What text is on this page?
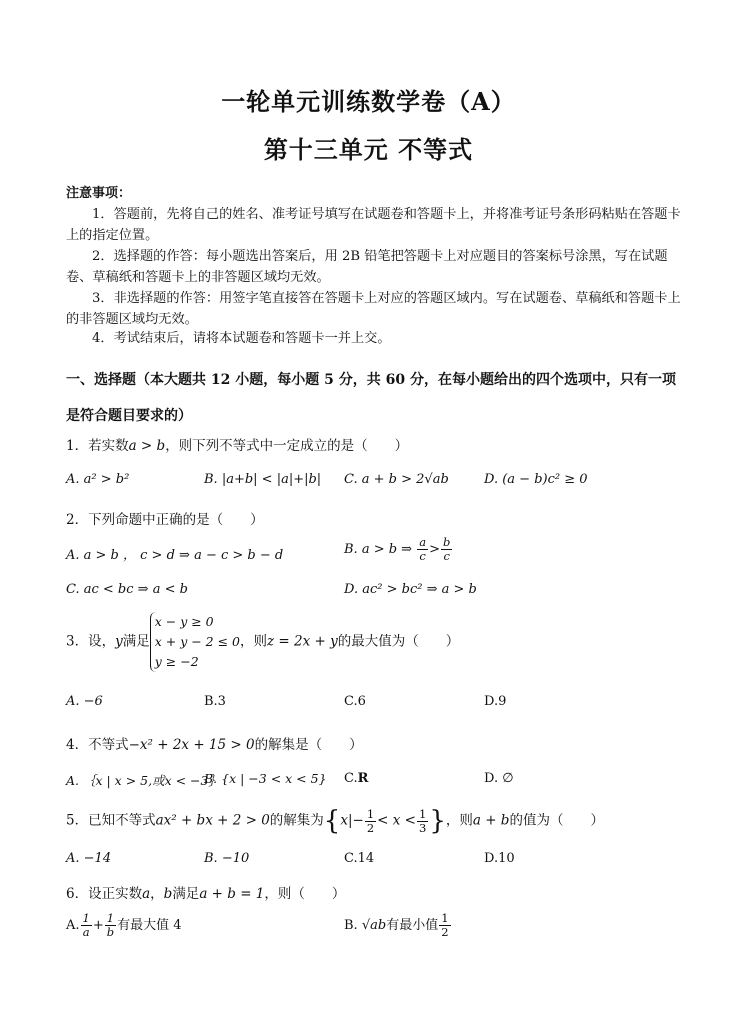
一轮单元训练数学卷（A）
第十三单元 不等式
注意事项：
1．答题前，先将自己的姓名、准考证号填写在试题卷和答题卡上，并将准考证号条形码粘贴在答题卡上的指定位置。
2．选择题的作答：每小题选出答案后，用 2B 铅笔把答题卡上对应题目的答案标号涂黑，写在试题卷、草稿纸和答题卡上的非答题区域均无效。
3．非选择题的作答：用签字笔直接答在答题卡上对应的答题区域内。写在试题卷、草稿纸和答题卡上的非答题区域均无效。
4．考试结束后，请将本试题卷和答题卡一并上交。
一、选择题（本大题共 12 小题，每小题 5 分，共 60 分，在每小题给出的四个选项中，只有一项是符合题目要求的）
1．若实数a > b，则下列不等式中一定成立的是（　　）
A. a² > b²	B. |a+b| < |a|+|b| C. a + b > 2√ab	D. (a − b)c² ≥ 0
2．下列命题中正确的是（　　）
A. a > b ， c > d ⇒ a − c > b − d	B. a > b ⇒ $\frac{a}{c} > \frac{b}{c}$
C. ac < bc ⇒ a < b	D. ac² > bc² ⇒ a > b
3．设，y满足
x − y ≥ 0
x + y − 2 ≤ 0
y ≥ −2
，则z = 2x + y的最大值为（　　）
A. −6	B.3	C.6	D.9
4．不等式−x² + 2x + 15 > 0的解集是（　　）
A. ｛x | x > 5,或x < −3｝
B. {x | −3 < x < 5} C.R	D. ∅
5．已知不等式ax² + bx + 2 > 0的解集为{$x|- \frac{1}{2} < x < \frac{1}{3}$ }，则a + b的值为（　　）
A. −14	B. −10	C.14	D.10
6．设正实数a，b满足a + b = 1，则（　　）
A. $\frac{1}{a} + \frac{1}{b}$ 有最大值 4	B. √ab有最小值 $\frac{1}{2}$
